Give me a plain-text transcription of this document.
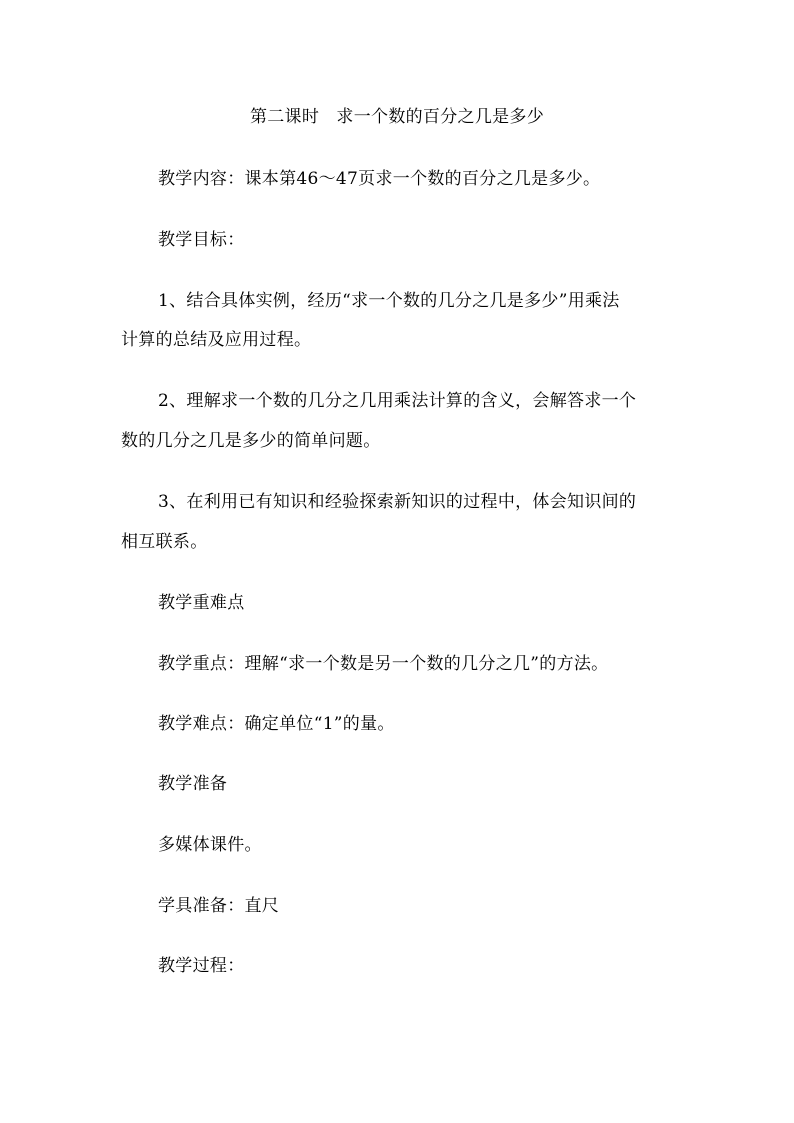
第二课时　求一个数的百分之几是多少
教学内容：课本第46～47页求一个数的百分之几是多少。
教学目标：
1、结合具体实例，经历“求一个数的几分之几是多少”用乘法
计算的总结及应用过程。
2、理解求一个数的几分之几用乘法计算的含义，会解答求一个
数的几分之几是多少的简单问题。
3、在利用已有知识和经验探索新知识的过程中，体会知识间的
相互联系。
教学重难点
教学重点：理解“求一个数是另一个数的几分之几”的方法。
教学难点：确定单位“1”的量。
教学准备
多媒体课件。
学具准备：直尺
教学过程：
